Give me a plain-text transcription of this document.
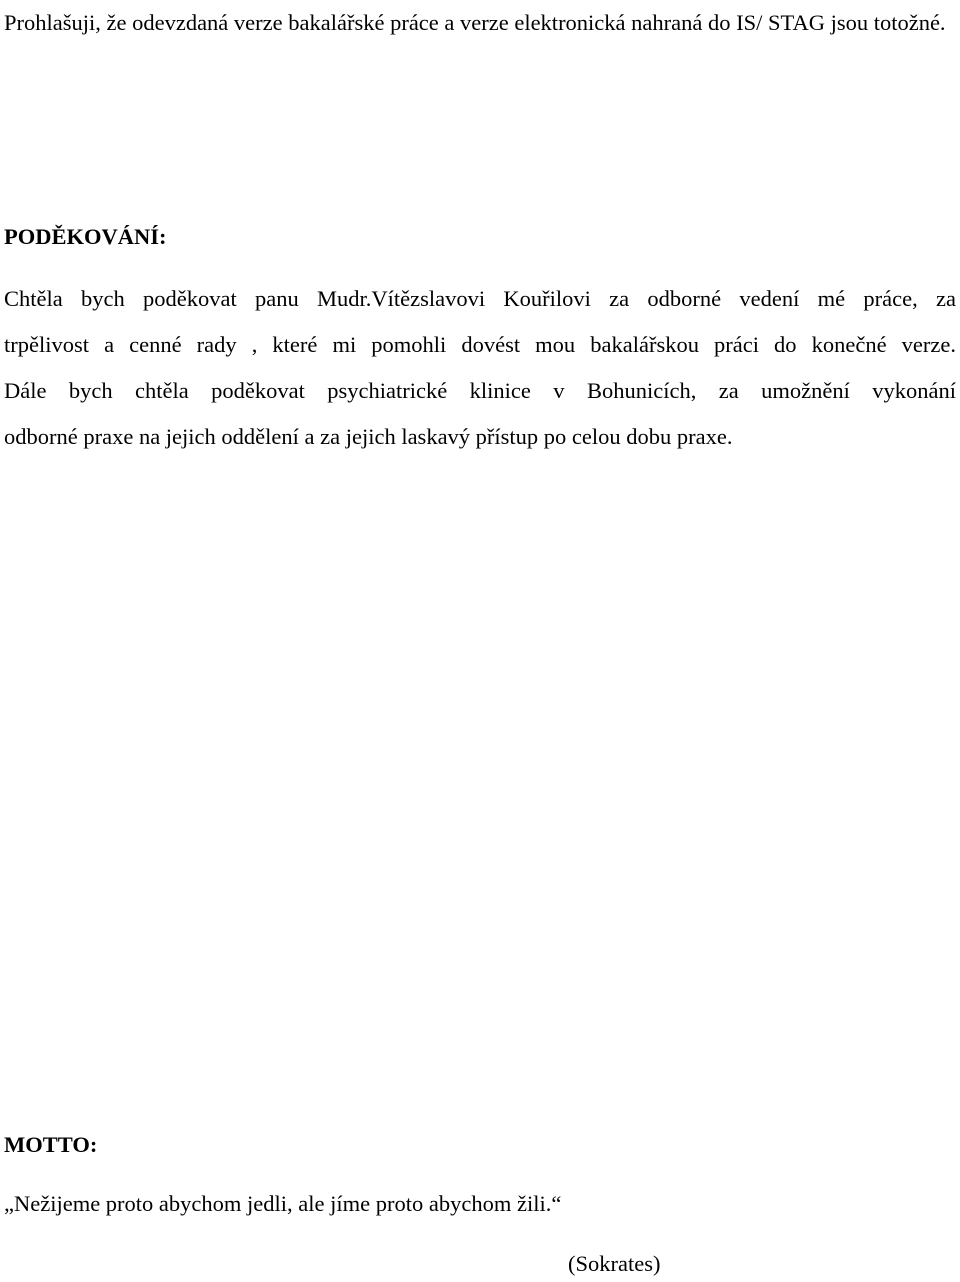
Prohlašuji, že odevzdaná verze bakalářské práce a verze elektronická nahraná do IS/ STAG jsou totožné.

PODĚKOVÁNÍ:

Chtěla bych poděkovat panu Mudr.Vítězslavovi Kouřilovi za odborné vedení mé práce, za
trpělivost a cenné rady , které mi pomohli dovést mou bakalářskou práci do konečné verze.
Dále bych chtěla poděkovat psychiatrické klinice v Bohunicích, za umožnění vykonání
odborné praxe na jejich oddělení a za jejich laskavý přístup po celou dobu praxe.

MOTTO:

„Nežijeme proto abychom jedli, ale jíme proto abychom žili.“

(Sokrates)
